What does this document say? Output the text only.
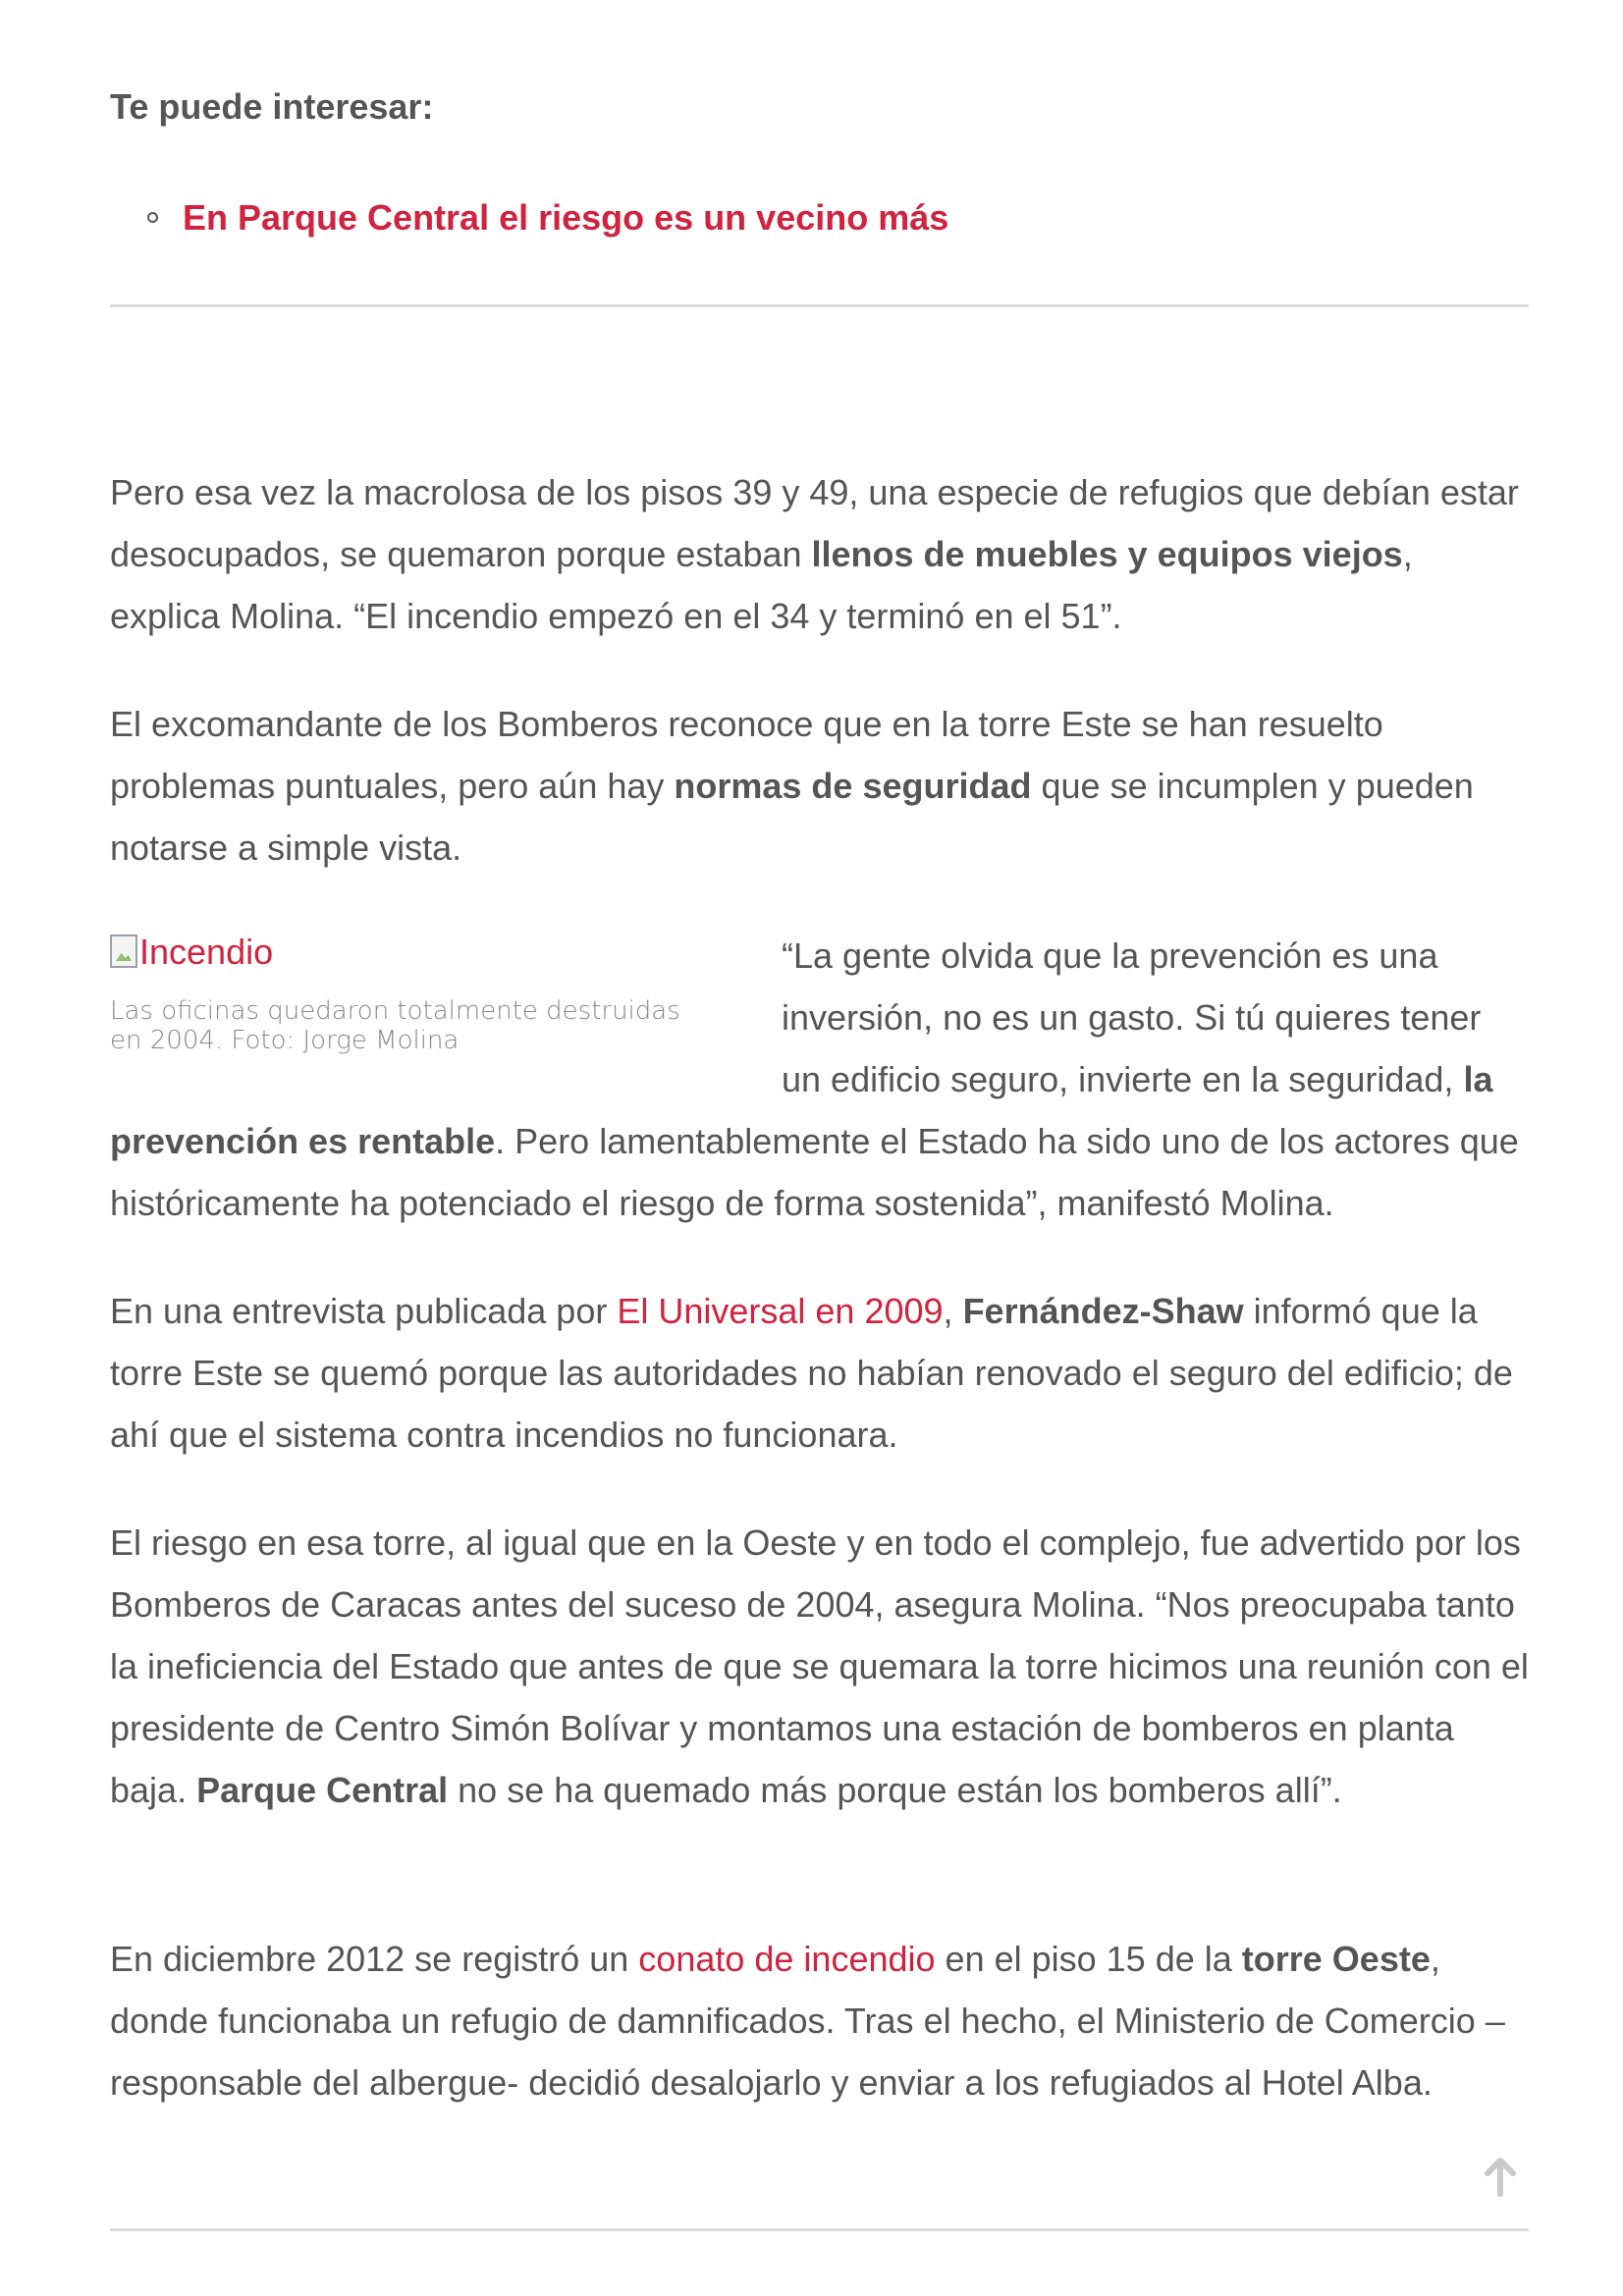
Te puede interesar:

En Parque Central el riesgo es un vecino más

Pero esa vez la macrolosa de los pisos 39 y 49, una especie de refugios que debían estar desocupados, se quemaron porque estaban llenos de muebles y equipos viejos, explica Molina. “El incendio empezó en el 34 y terminó en el 51”.

El excomandante de los Bomberos reconoce que en la torre Este se han resuelto problemas puntuales, pero aún hay normas de seguridad que se incumplen y pueden notarse a simple vista.

Incendio
Las oficinas quedaron totalmente destruidas en 2004. Foto: Jorge Molina
“La gente olvida que la prevención es una inversión, no es un gasto. Si tú quieres tener un edificio seguro, invierte en la seguridad, la prevención es rentable. Pero lamentablemente el Estado ha sido uno de los actores que históricamente ha potenciado el riesgo de forma sostenida”, manifestó Molina.

En una entrevista publicada por El Universal en 2009, Fernández-Shaw informó que la torre Este se quemó porque las autoridades no habían renovado el seguro del edificio; de ahí que el sistema contra incendios no funcionara.

El riesgo en esa torre, al igual que en la Oeste y en todo el complejo, fue advertido por los Bomberos de Caracas antes del suceso de 2004, asegura Molina. “Nos preocupaba tanto la ineficiencia del Estado que antes de que se quemara la torre hicimos una reunión con el presidente de Centro Simón Bolívar y montamos una estación de bomberos en planta baja. Parque Central no se ha quemado más porque están los bomberos allí”.

En diciembre 2012 se registró un conato de incendio en el piso 15 de la torre Oeste, donde funcionaba un refugio de damnificados. Tras el hecho, el Ministerio de Comercio –responsable del albergue- decidió desalojarlo y enviar a los refugiados al Hotel Alba.
